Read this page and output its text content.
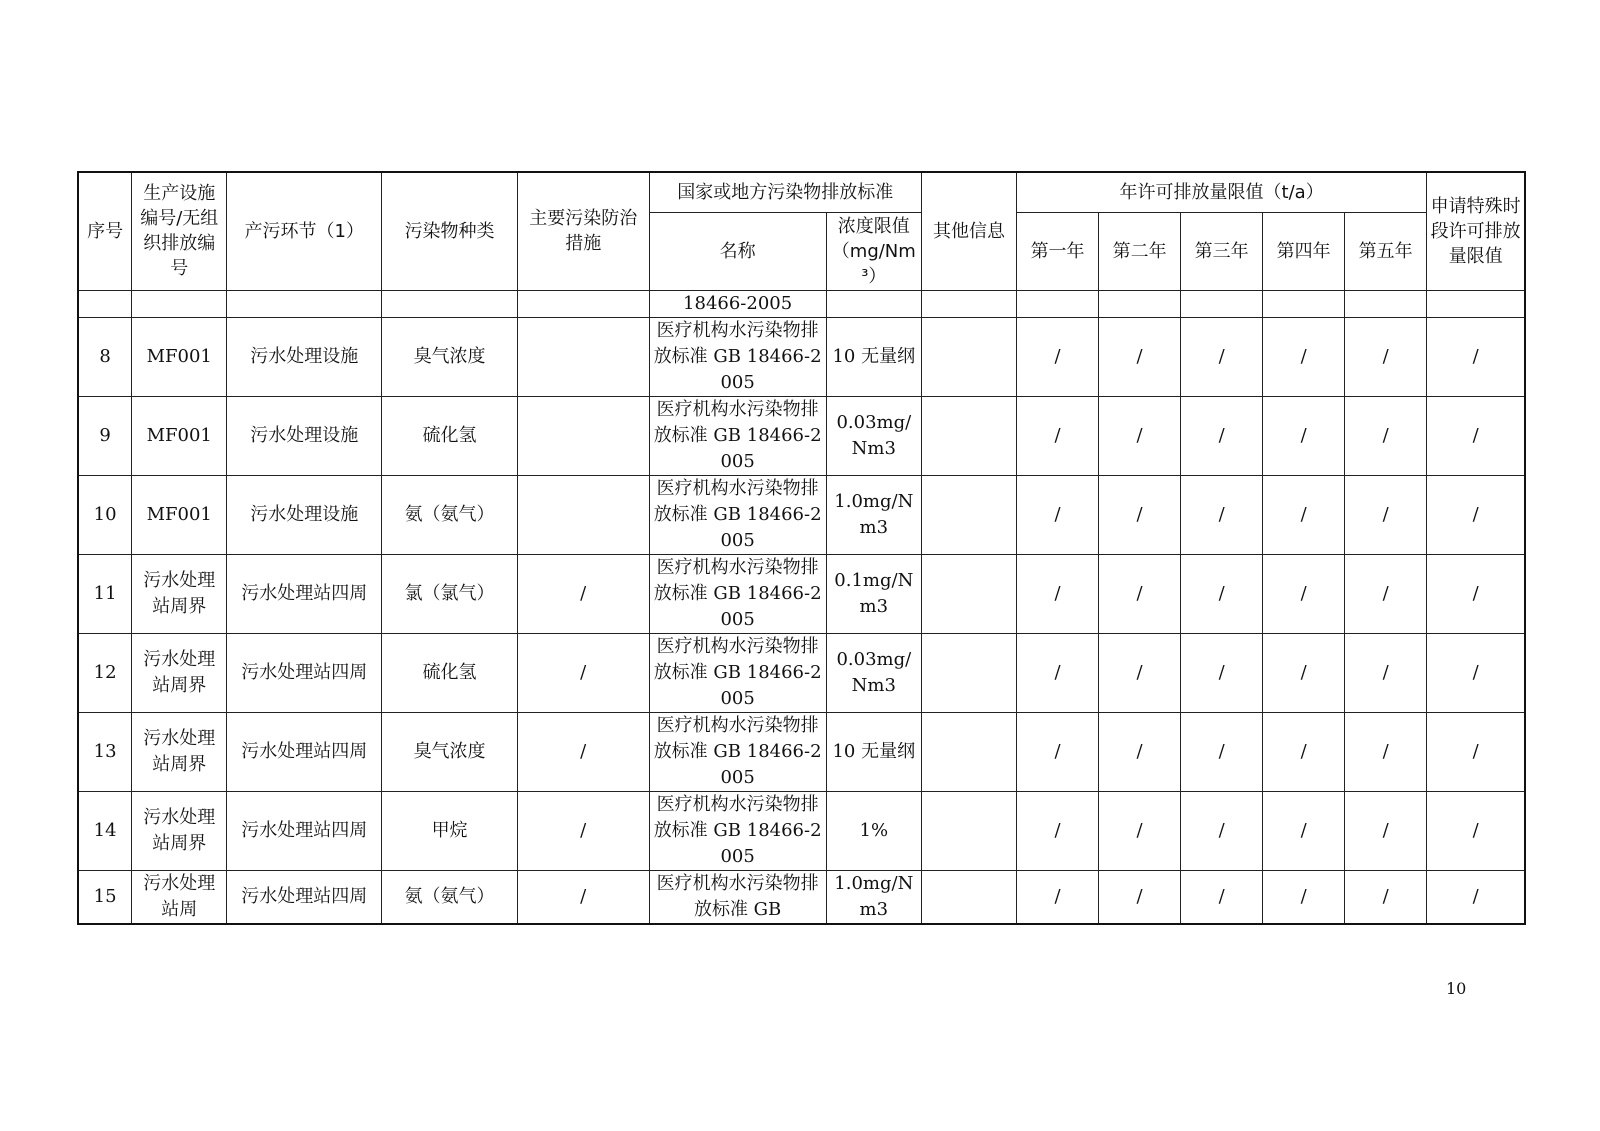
序号	生产设施编号/无组织排放编号	产污环节（1）	污染物种类	主要污染防治措施	国家或地方污染物排放标准		其他信息	年许可排放量限值（t/a）					申请特殊时段许可排放量限值
					名称	浓度限值（mg/Nm³）		第一年	第二年	第三年	第四年	第五年	
					18466-2005								
8	MF001	污水处理设施	臭气浓度		医疗机构水污染物排放标准 GB 18466-2005	10 无量纲		/	/	/	/	/	/
9	MF001	污水处理设施	硫化氢		医疗机构水污染物排放标准 GB 18466-2005	0.03mg/Nm3		/	/	/	/	/	/
10	MF001	污水处理设施	氨（氨气）		医疗机构水污染物排放标准 GB 18466-2005	1.0mg/Nm3		/	/	/	/	/	/
11	污水处理站周界	污水处理站四周	氯（氯气）	/	医疗机构水污染物排放标准 GB 18466-2005	0.1mg/Nm3		/	/	/	/	/	/
12	污水处理站周界	污水处理站四周	硫化氢	/	医疗机构水污染物排放标准 GB 18466-2005	0.03mg/Nm3		/	/	/	/	/	/
13	污水处理站周界	污水处理站四周	臭气浓度	/	医疗机构水污染物排放标准 GB 18466-2005	10 无量纲		/	/	/	/	/	/
14	污水处理站周界	污水处理站四周	甲烷	/	医疗机构水污染物排放标准 GB 18466-2005	1%		/	/	/	/	/	/
15	污水处理站周	污水处理站四周	氨（氨气）	/	医疗机构水污染物排放标准 GB	1.0mg/Nm3		/	/	/	/	/	/
10
